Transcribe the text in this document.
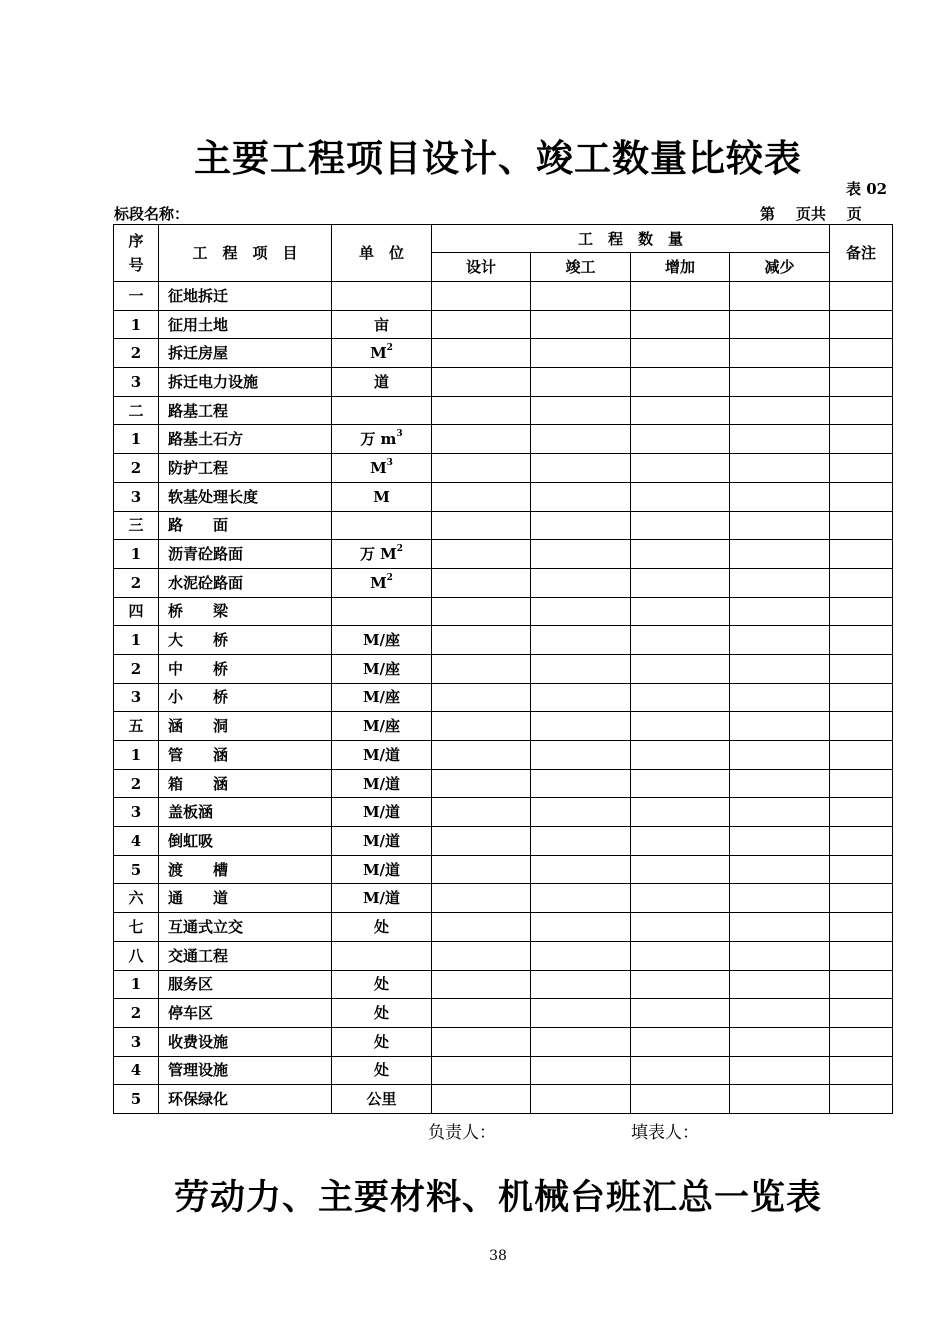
主要工程项目设计、竣工数量比较表
表 02
标段名称：	第    页共    页
序号	工　程　项　目	单　位	工　程　数　量				备注
			设计	竣工	增加	减少	
一	征地拆迁						
1	征用土地	亩					
2	拆迁房屋	$M^2$					
3	拆迁电力设施	道					
二	路基工程						
1	路基土石方	万 $m^3$					
2	防护工程	$M^3$					
3	软基处理长度	M					
三	路　　面						
1	沥青砼路面	万 $M^2$					
2	水泥砼路面	$M^2$					
四	桥　　梁						
1	大　　桥	M/座					
2	中　　桥	M/座					
3	小　　桥	M/座					
五	涵　　洞	M/座					
1	管　　涵	M/道					
2	箱　　涵	M/道					
3	盖板涵	M/道					
4	倒虹吸	M/道					
5	渡　　槽	M/道					
六	通　　道	M/道					
七	互通式立交	处					
八	交通工程						
1	服务区	处					
2	停车区	处					
3	收费设施	处					
4	管理设施	处					
5	环保绿化	公里					
负责人：	填表人：
劳动力、主要材料、机械台班汇总一览表
38
